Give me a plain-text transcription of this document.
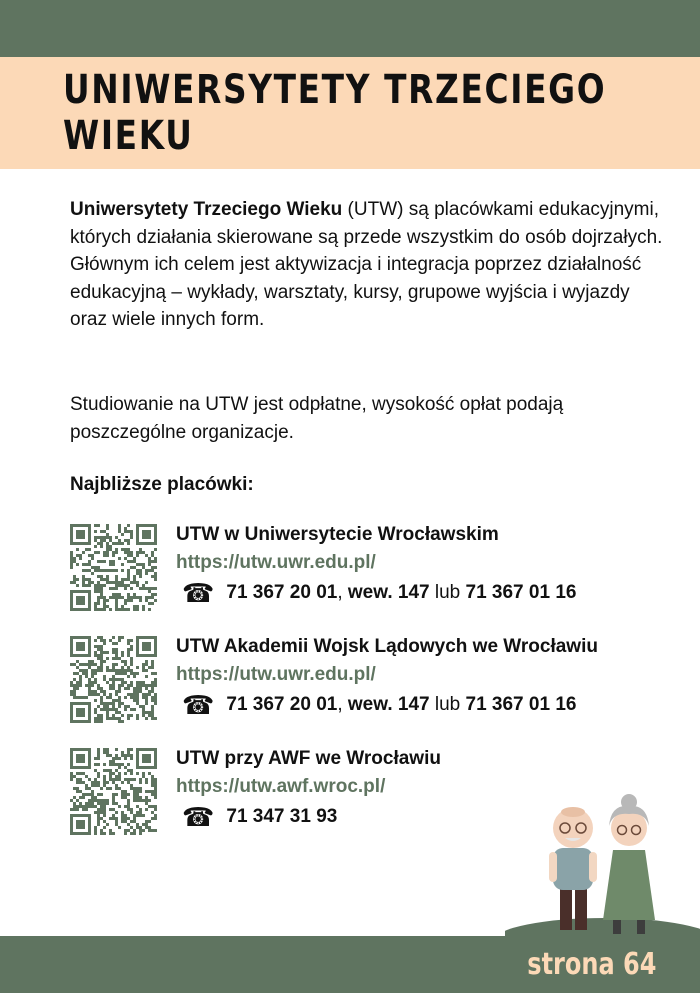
UNIWERSYTETY TRZECIEGO WIEKU

Uniwersytety Trzeciego Wieku (UTW) są placówkami edukacyjnymi, których działania skierowane są przede wszystkim do osób dojrzałych. Głównym ich celem jest aktywizacja i integracja poprzez działalność edukacyjną – wykłady, warsztaty, kursy, grupowe wyjścia i wyjazdy oraz wiele innych form.

Studiowanie na UTW jest odpłatne, wysokość opłat podają poszczególne organizacje.

Najbliższe placówki:

UTW w Uniwersytecie Wrocławskim
https://utw.uwr.edu.pl/
☎ 71 367 20 01 , wew. 147 lub 71 367 01 16
UTW Akademii Wojsk Lądowych we Wrocławiu
https://utw.uwr.edu.pl/
☎ 71 367 20 01 , wew. 147 lub 71 367 01 16
UTW przy AWF we Wrocławiu
https://utw.awf.wroc.pl/
☎ 71 347 31 93
strona 64
